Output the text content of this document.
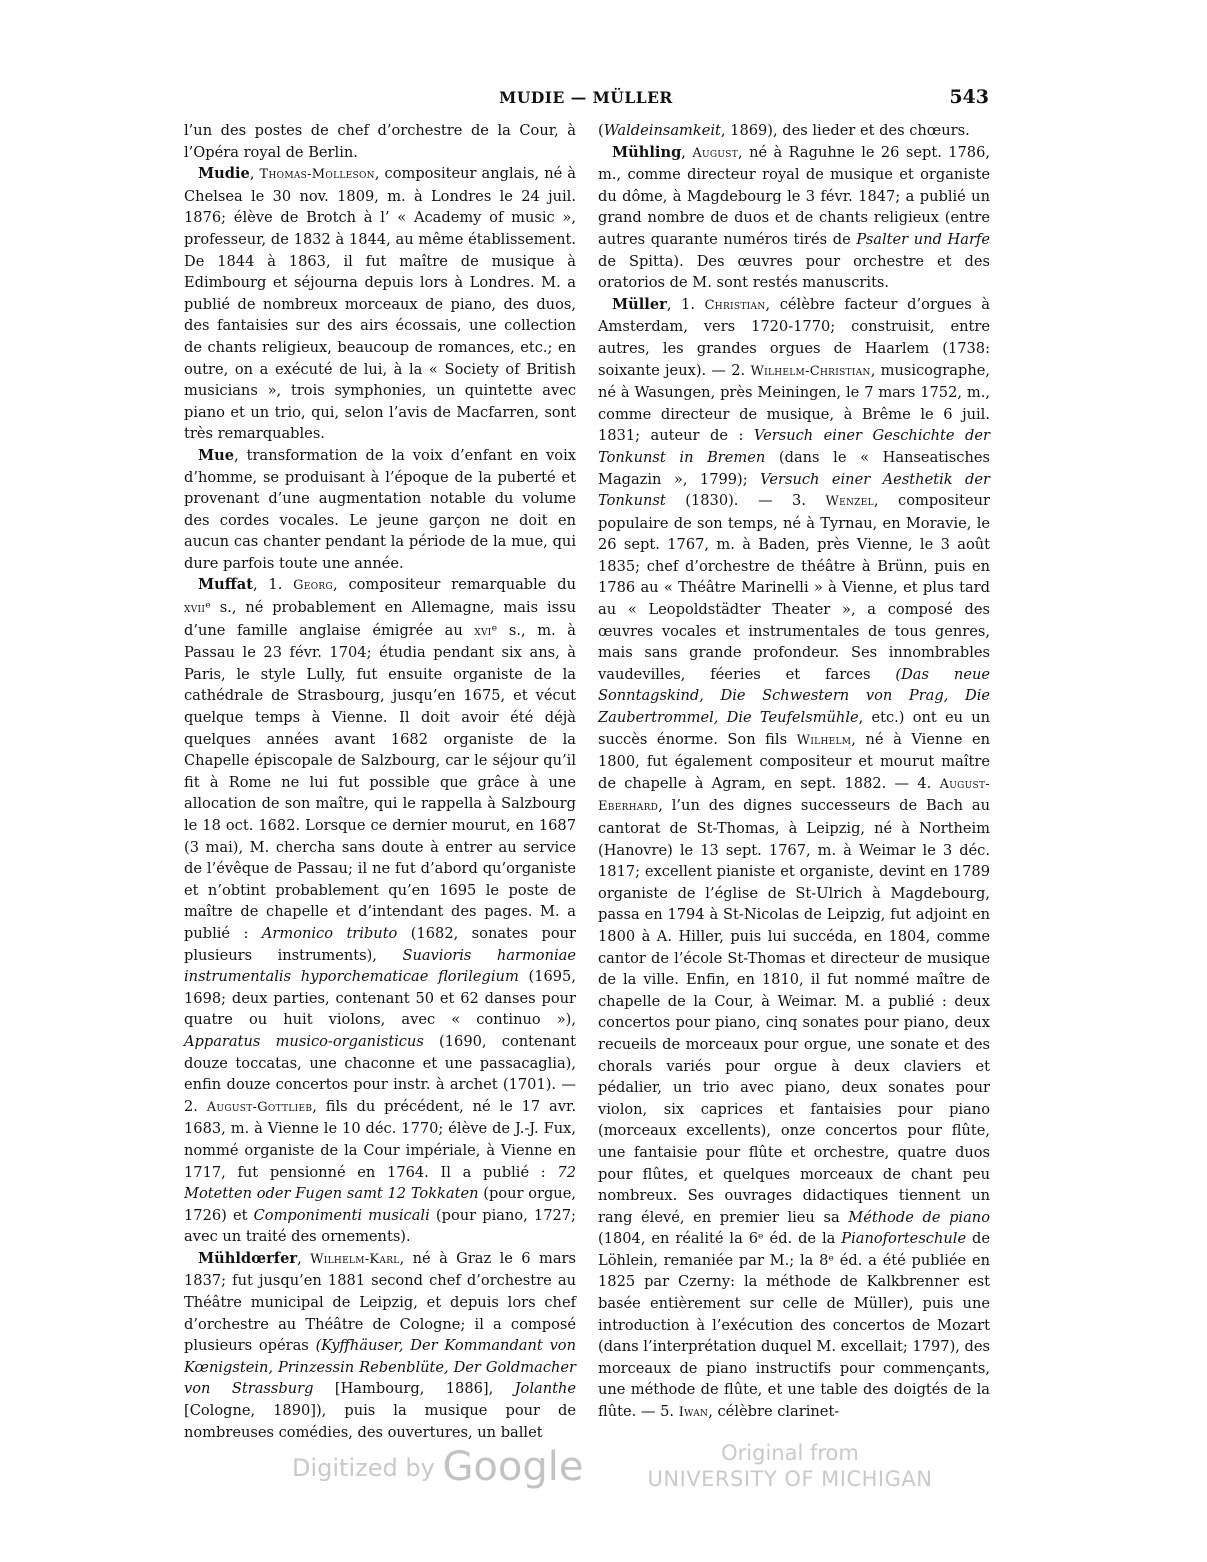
MUDIE — MÜLLER	543

l’un des postes de chef d’orchestre de la Cour, à l’Opéra royal de Berlin.

Mudie, Thomas-Molleson, compositeur anglais, né à Chelsea le 30 nov. 1809, m. à Londres le 24 juil. 1876; élève de Brotch à l’ « Academy of music », professeur, de 1832 à 1844, au même établissement. De 1844 à 1863, il fut maître de musique à Edimbourg et séjourna depuis lors à Londres. M. a publié de nombreux morceaux de piano, des duos, des fantaisies sur des airs écossais, une collection de chants religieux, beaucoup de romances, etc.; en outre, on a exécuté de lui, à la « Society of British musicians », trois symphonies, un quintette avec piano et un trio, qui, selon l’avis de Macfarren, sont très remarquables.

Mue, transformation de la voix d’enfant en voix d’homme, se produisant à l’époque de la puberté et provenant d’une augmentation notable du volume des cordes vocales. Le jeune garçon ne doit en aucun cas chanter pendant la période de la mue, qui dure parfois toute une année.

Muffat, 1. Georg, compositeur remarquable du xviiᵉ s., né probablement en Allemagne, mais issu d’une famille anglaise émigrée au xviᵉ s., m. à Passau le 23 févr. 1704; étudia pendant six ans, à Paris, le style Lully, fut ensuite organiste de la cathédrale de Strasbourg, jusqu’en 1675, et vécut quelque temps à Vienne. Il doit avoir été déjà quelques années avant 1682 organiste de la Chapelle épiscopale de Salzbourg, car le séjour qu’il fit à Rome ne lui fut possible que grâce à une allocation de son maître, qui le rappella à Salzbourg le 18 oct. 1682. Lorsque ce dernier mourut, en 1687 (3 mai), M. chercha sans doute à entrer au service de l’évêque de Passau; il ne fut d’abord qu’organiste et n’obtint probablement qu’en 1695 le poste de maître de chapelle et d’intendant des pages. M. a publié : Armonico tributo (1682, sonates pour plusieurs instruments), Suavioris harmoniae instrumentalis hyporchematicae florilegium (1695, 1698; deux parties, contenant 50 et 62 danses pour quatre ou huit violons, avec « continuo »), Apparatus musico-organisticus (1690, contenant douze toccatas, une chaconne et une passacaglia), enfin douze concertos pour instr. à archet (1701). — 2. August-Gottlieb, fils du précédent, né le 17 avr. 1683, m. à Vienne le 10 déc. 1770; élève de J.-J. Fux, nommé organiste de la Cour impériale, à Vienne en 1717, fut pensionné en 1764. Il a publié : 72 Motetten oder Fugen samt 12 Tokkaten (pour orgue, 1726) et Componimenti musicali (pour piano, 1727; avec un traité des ornements).

Mühldœrfer, Wilhelm-Karl, né à Graz le 6 mars 1837; fut jusqu’en 1881 second chef d’orchestre au Théâtre municipal de Leipzig, et depuis lors chef d’orchestre au Théâtre de Cologne; il a composé plusieurs opéras (Kyffhäuser, Der Kommandant von Kœnigstein, Prinzessin Rebenblüte, Der Goldmacher von Strassburg [Hambourg, 1886], Jolanthe [Cologne, 1890]), puis la musique pour de nombreuses comédies, des ouvertures, un ballet

(Waldeinsamkeit, 1869), des lieder et des chœurs.

Mühling, August, né à Raguhne le 26 sept. 1786, m., comme directeur royal de musique et organiste du dôme, à Magdebourg le 3 févr. 1847; a publié un grand nombre de duos et de chants religieux (entre autres quarante numéros tirés de Psalter und Harfe de Spitta). Des œuvres pour orchestre et des oratorios de M. sont restés manuscrits.

Müller, 1. Christian, célèbre facteur d’orgues à Amsterdam, vers 1720-1770; construisit, entre autres, les grandes orgues de Haarlem (1738: soixante jeux). — 2. Wilhelm-Christian, musicographe, né à Wasungen, près Meiningen, le 7 mars 1752, m., comme directeur de musique, à Brême le 6 juil. 1831; auteur de : Versuch einer Geschichte der Tonkunst in Bremen (dans le « Hanseatisches Magazin », 1799); Versuch einer Aesthetik der Tonkunst (1830). — 3. Wenzel, compositeur populaire de son temps, né à Tyrnau, en Moravie, le 26 sept. 1767, m. à Baden, près Vienne, le 3 août 1835; chef d’orchestre de théâtre à Brünn, puis en 1786 au « Théâtre Marinelli » à Vienne, et plus tard au « Leopoldstädter Theater », a composé des œuvres vocales et instrumentales de tous genres, mais sans grande profondeur. Ses innombrables vaudevilles, féeries et farces (Das neue Sonntagskind, Die Schwestern von Prag, Die Zaubertrommel, Die Teufelsmühle, etc.) ont eu un succès énorme. Son fils Wilhelm, né à Vienne en 1800, fut également compositeur et mourut maître de chapelle à Agram, en sept. 1882. — 4. August-Eberhard, l’un des dignes successeurs de Bach au cantorat de St-Thomas, à Leipzig, né à Northeim (Hanovre) le 13 sept. 1767, m. à Weimar le 3 déc. 1817; excellent pianiste et organiste, devint en 1789 organiste de l’église de St-Ulrich à Magdebourg, passa en 1794 à St-Nicolas de Leipzig, fut adjoint en 1800 à A. Hiller, puis lui succéda, en 1804, comme cantor de l’école St-Thomas et directeur de musique de la ville. Enfin, en 1810, il fut nommé maître de chapelle de la Cour, à Weimar. M. a publié : deux concertos pour piano, cinq sonates pour piano, deux recueils de morceaux pour orgue, une sonate et des chorals variés pour orgue à deux claviers et pédalier, un trio avec piano, deux sonates pour violon, six caprices et fantaisies pour piano (morceaux excellents), onze concertos pour flûte, une fantaisie pour flûte et orchestre, quatre duos pour flûtes, et quelques morceaux de chant peu nombreux. Ses ouvrages didactiques tiennent un rang élevé, en premier lieu sa Méthode de piano (1804, en réalité la 6ᵉ éd. de la Pianoforteschule de Löhlein, remaniée par M.; la 8ᵉ éd. a été publiée en 1825 par Czerny: la méthode de Kalkbrenner est basée entièrement sur celle de Müller), puis une introduction à l’exécution des concertos de Mozart (dans l’interprétation duquel M. excellait; 1797), des morceaux de piano instructifs pour commençants, une méthode de flûte, et une table des doigtés de la flûte. — 5. Iwan, célèbre clarinet-

Digitized by Google	Original from
UNIVERSITY OF MICHIGAN
